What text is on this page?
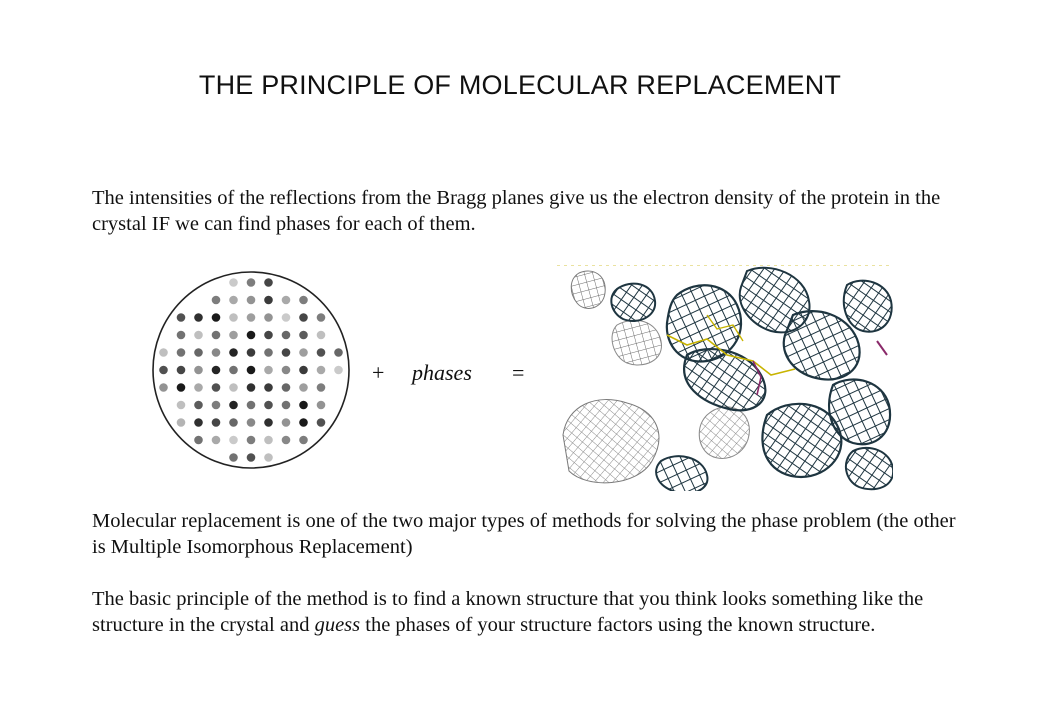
THE PRINCIPLE OF MOLECULAR REPLACEMENT

The intensities of the reflections from the Bragg planes give us the electron density of the protein in the crystal IF we can find phases for each of them.

+ phases =

Molecular replacement is one of the two major types of methods for solving the phase problem (the other is Multiple Isomorphous Replacement)

The basic principle of the method is to find a known structure that you think looks something like the structure in the crystal and guess the phases of your structure factors using the known structure.
